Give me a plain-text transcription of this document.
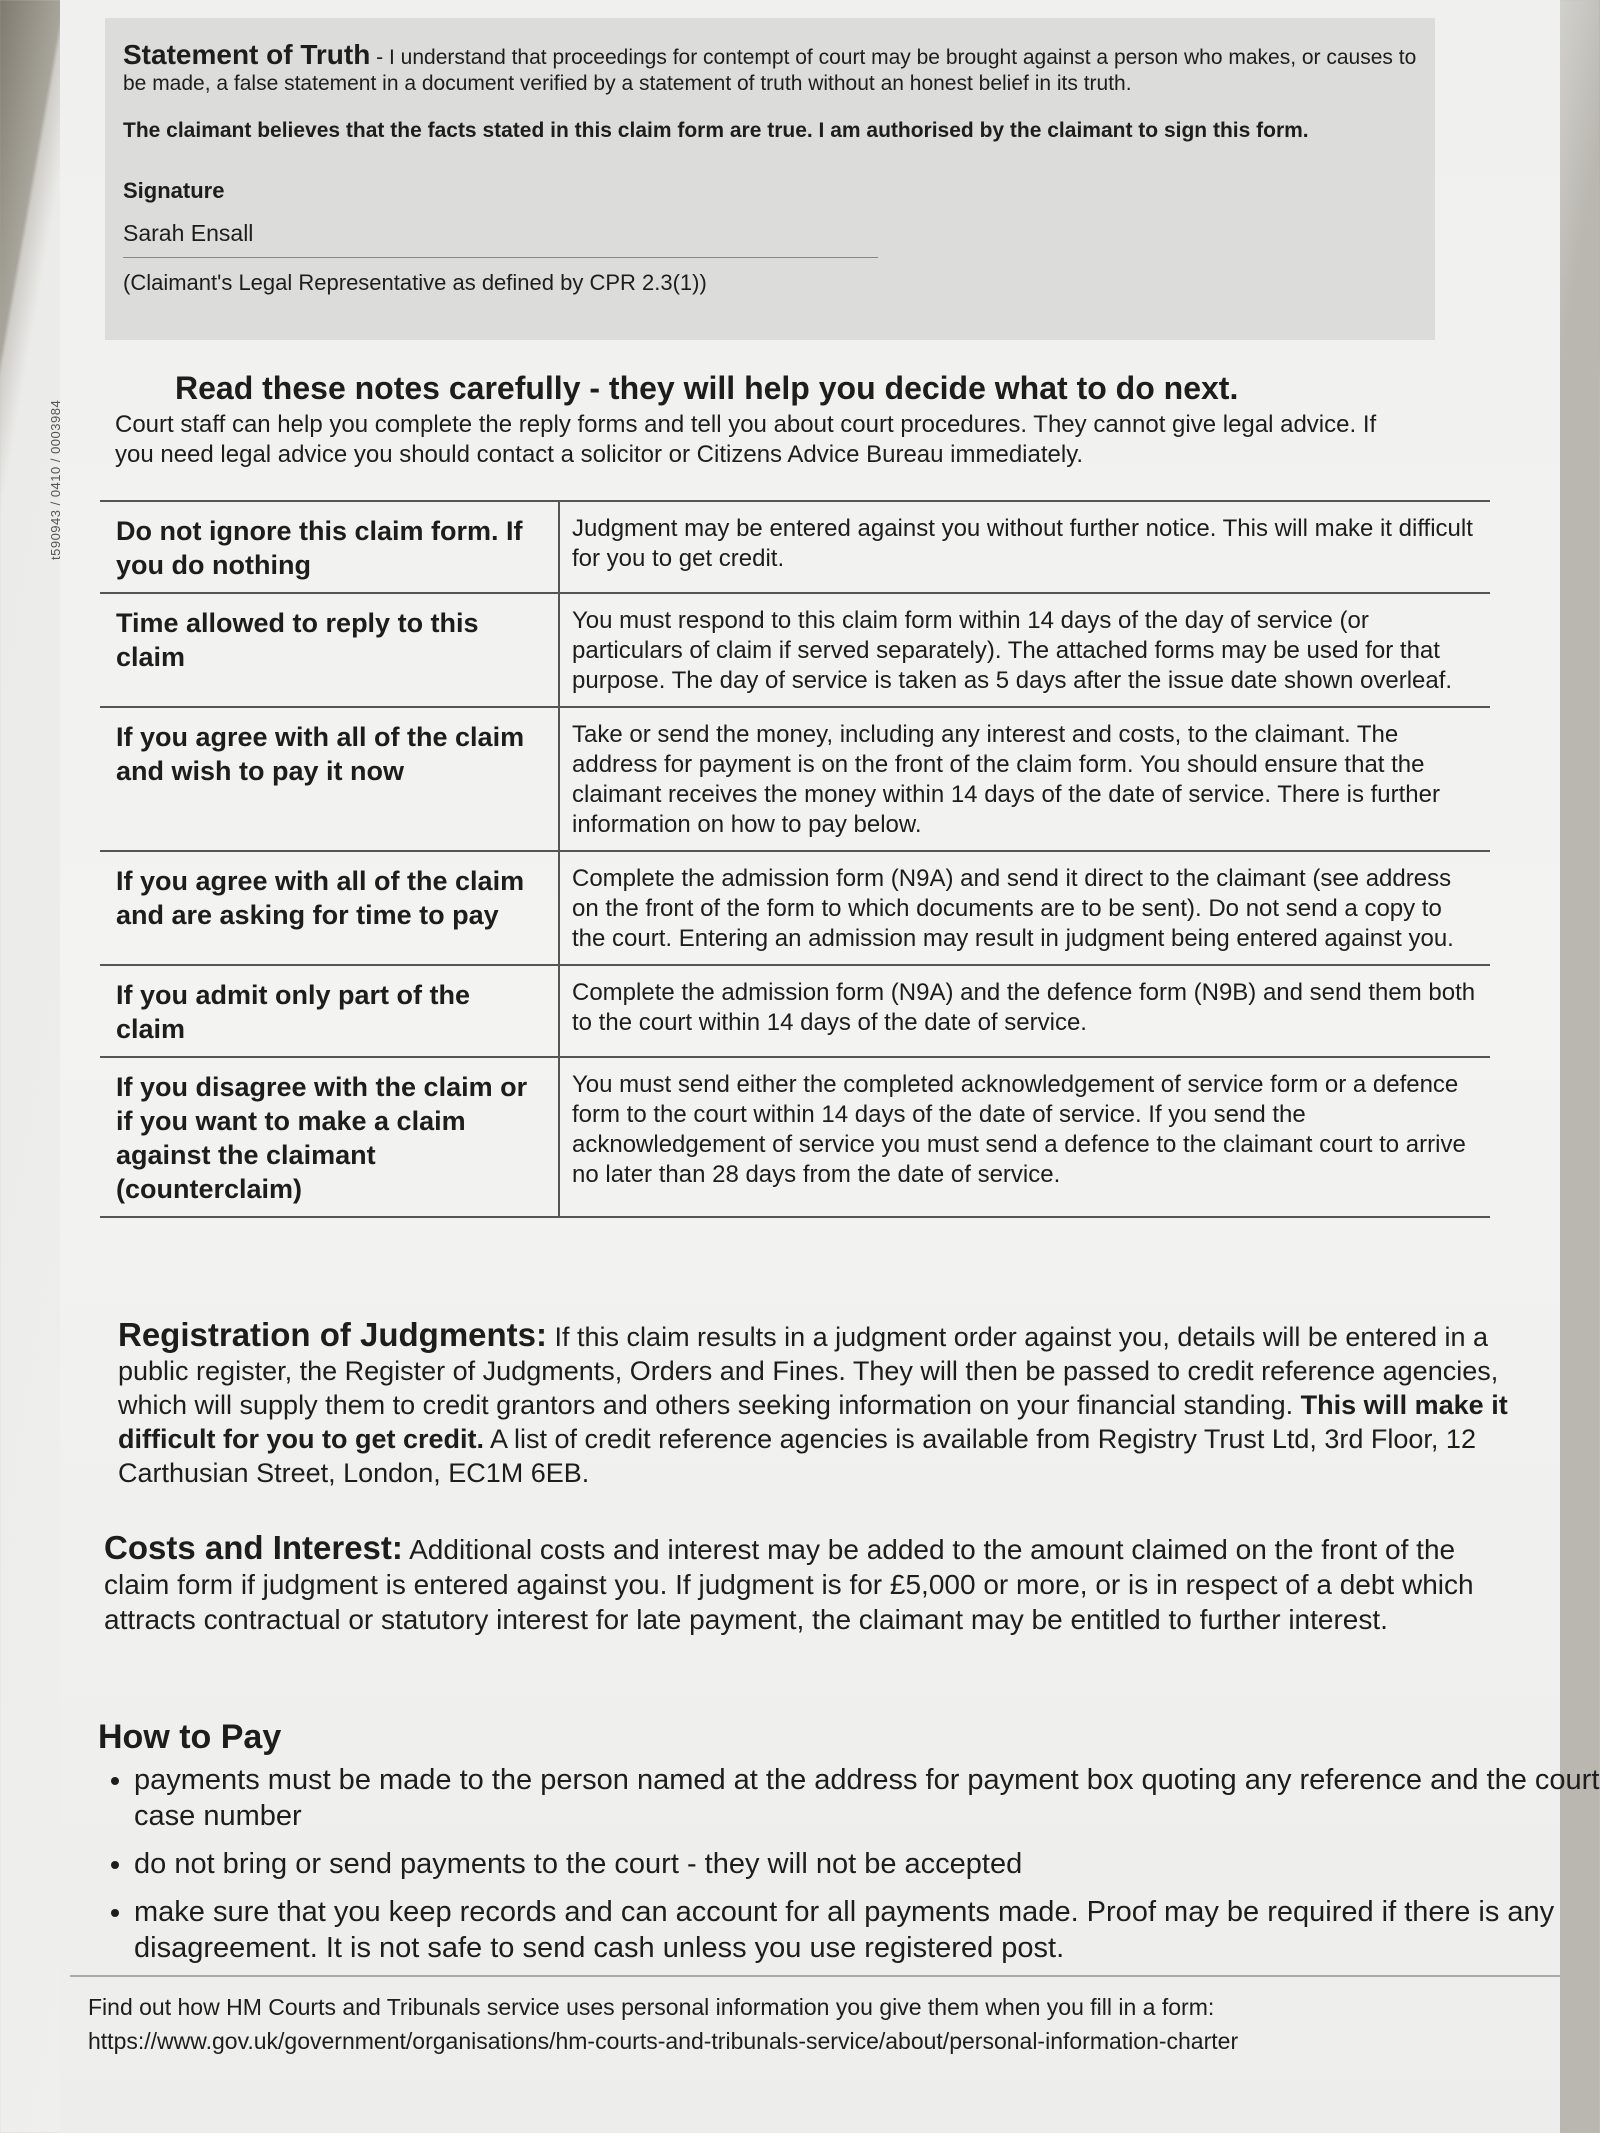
t590943 / 0410 / 0003984
Statement of Truth - I understand that proceedings for contempt of court may be brought against a person who makes, or causes to be made, a false statement in a document verified by a statement of truth without an honest belief in its truth.
The claimant believes that the facts stated in this claim form are true. I am authorised by the claimant to sign this form.
Signature
Sarah Ensall
(Claimant's Legal Representative as defined by CPR 2.3(1))
Read these notes carefully - they will help you decide what to do next.
Court staff can help you complete the reply forms and tell you about court procedures. They cannot give legal advice. If you need legal advice you should contact a solicitor or Citizens Advice Bureau immediately.
Do not ignore this claim form. If you do nothing	Judgment may be entered against you without further notice. This will make it difficult for you to get credit.
Time allowed to reply to this claim	You must respond to this claim form within 14 days of the day of service (or particulars of claim if served separately). The attached forms may be used for that purpose. The day of service is taken as 5 days after the issue date shown overleaf.
If you agree with all of the claim and wish to pay it now	Take or send the money, including any interest and costs, to the claimant. The address for payment is on the front of the claim form. You should ensure that the claimant receives the money within 14 days of the date of service. There is further information on how to pay below.
If you agree with all of the claim and are asking for time to pay	Complete the admission form (N9A) and send it direct to the claimant (see address on the front of the form to which documents are to be sent). Do not send a copy to the court. Entering an admission may result in judgment being entered against you.
If you admit only part of the claim	Complete the admission form (N9A) and the defence form (N9B) and send them both to the court within 14 days of the date of service.
If you disagree with the claim or if you want to make a claim against the claimant (counterclaim)	You must send either the completed acknowledgement of service form or a defence form to the court within 14 days of the date of service. If you send the acknowledgement of service you must send a defence to the claimant court to arrive no later than 28 days from the date of service.
Registration of Judgments: If this claim results in a judgment order against you, details will be entered in a public register, the Register of Judgments, Orders and Fines. They will then be passed to credit reference agencies, which will supply them to credit grantors and others seeking information on your financial standing. This will make it difficult for you to get credit. A list of credit reference agencies is available from Registry Trust Ltd, 3rd Floor, 12 Carthusian Street, London, EC1M 6EB.
Costs and Interest: Additional costs and interest may be added to the amount claimed on the front of the claim form if judgment is entered against you. If judgment is for £5,000 or more, or is in respect of a debt which attracts contractual or statutory interest for late payment, the claimant may be entitled to further interest.
How to Pay
• payments must be made to the person named at the address for payment box quoting any reference and the court case number
• do not bring or send payments to the court - they will not be accepted
• make sure that you keep records and can account for all payments made. Proof may be required if there is any disagreement. It is not safe to send cash unless you use registered post.
Find out how HM Courts and Tribunals service uses personal information you give them when you fill in a form:
https://www.gov.uk/government/organisations/hm-courts-and-tribunals-service/about/personal-information-charter
